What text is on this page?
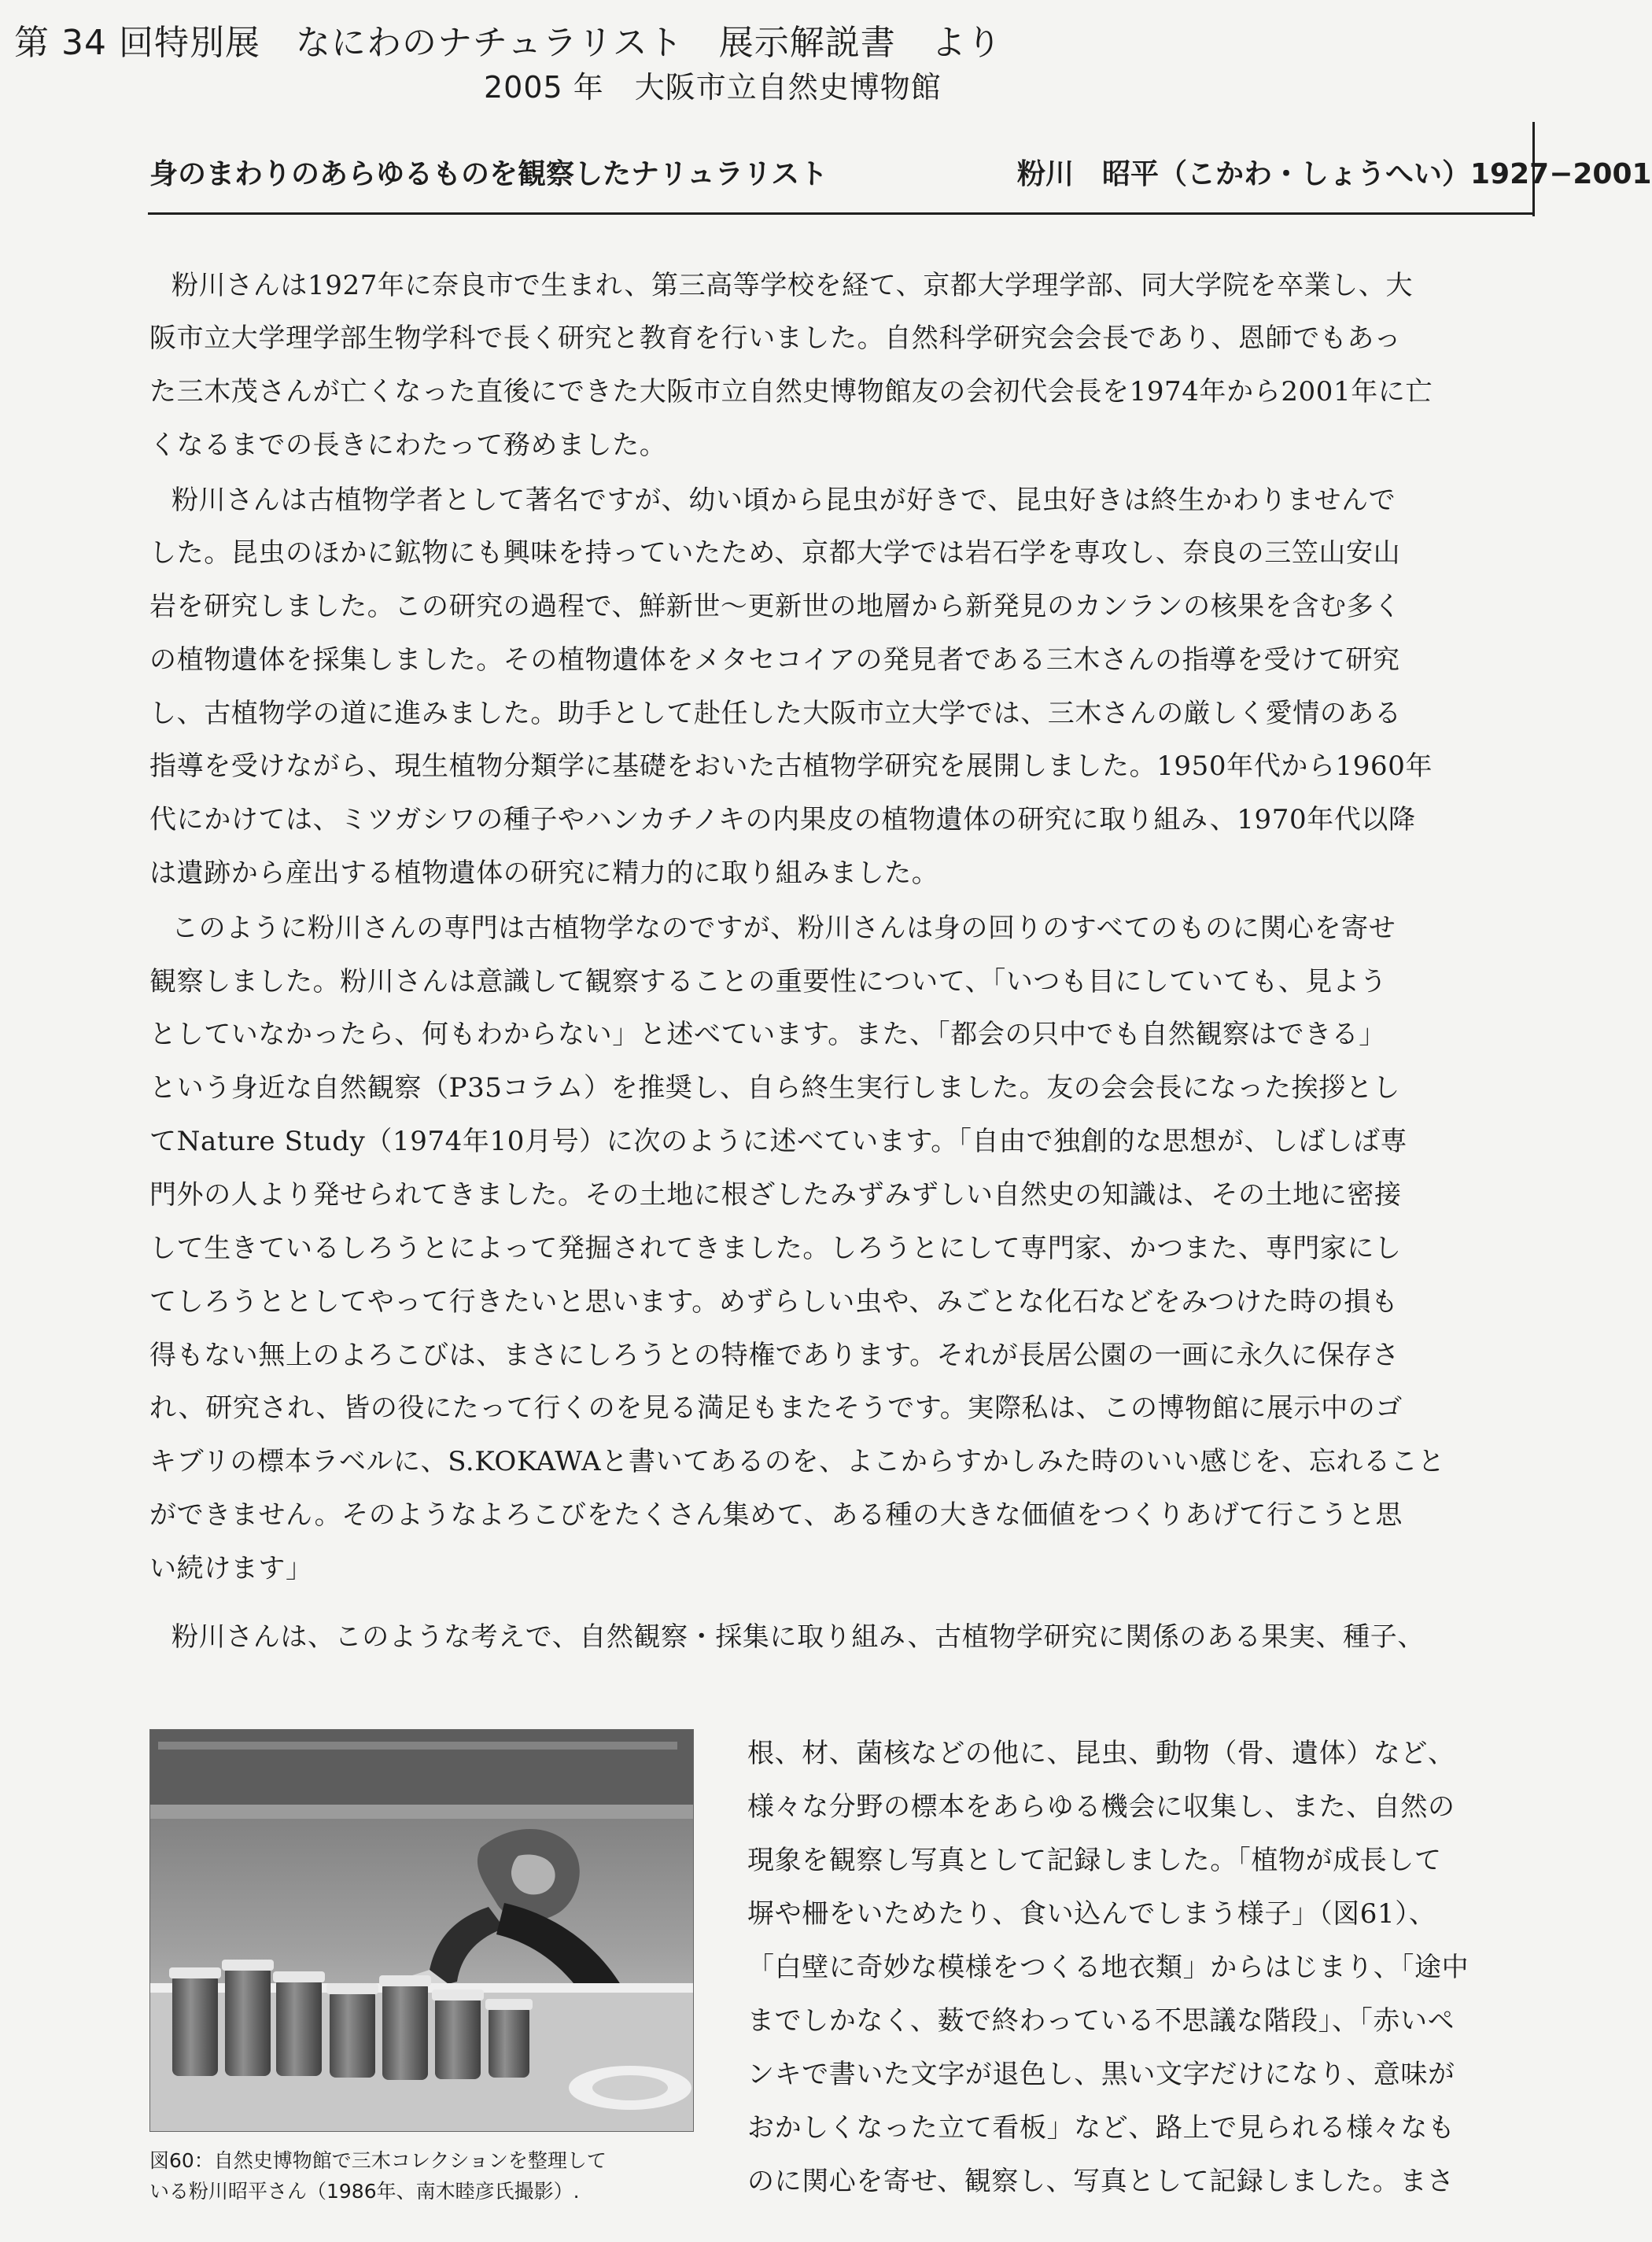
第 34 回特別展　なにわのナチュラリスト　展示解説書　より
2005 年　大阪市立自然史博物館
身のまわりのあらゆるものを観察したナリュラリスト	粉川　昭平（こかわ・しょうへい）1927−2001
粉川さんは1927年に奈良市で生まれ、第三高等学校を経て、京都大学理学部、同大学院を卒業し、大
阪市立大学理学部生物学科で長く研究と教育を行いました。自然科学研究会会長であり、恩師でもあっ
た三木茂さんが亡くなった直後にできた大阪市立自然史博物館友の会初代会長を1974年から2001年に亡
くなるまでの長きにわたって務めました。
粉川さんは古植物学者として著名ですが、幼い頃から昆虫が好きで、昆虫好きは終生かわりませんで
した。昆虫のほかに鉱物にも興味を持っていたため、京都大学では岩石学を専攻し、奈良の三笠山安山
岩を研究しました。この研究の過程で、鮮新世〜更新世の地層から新発見のカンランの核果を含む多く
の植物遺体を採集しました。その植物遺体をメタセコイアの発見者である三木さんの指導を受けて研究
し、古植物学の道に進みました。助手として赴任した大阪市立大学では、三木さんの厳しく愛情のある
指導を受けながら、現生植物分類学に基礎をおいた古植物学研究を展開しました。1950年代から1960年
代にかけては、ミツガシワの種子やハンカチノキの内果皮の植物遺体の研究に取り組み、1970年代以降
は遺跡から産出する植物遺体の研究に精力的に取り組みました。
このように粉川さんの専門は古植物学なのですが、粉川さんは身の回りのすべてのものに関心を寄せ
観察しました。粉川さんは意識して観察することの重要性について、「いつも目にしていても、見よう
としていなかったら、何もわからない」と述べています。また、「都会の只中でも自然観察はできる」
という身近な自然観察（P35コラム）を推奨し、自ら終生実行しました。友の会会長になった挨拶とし
てNature Study（1974年10月号）に次のように述べています。「自由で独創的な思想が、しばしば専
門外の人より発せられてきました。その土地に根ざしたみずみずしい自然史の知識は、その土地に密接
して生きているしろうとによって発掘されてきました。しろうとにして専門家、かつまた、専門家にし
てしろうととしてやって行きたいと思います。めずらしい虫や、みごとな化石などをみつけた時の損も
得もない無上のよろこびは、まさにしろうとの特権であります。それが長居公園の一画に永久に保存さ
れ、研究され、皆の役にたって行くのを見る満足もまたそうです。実際私は、この博物館に展示中のゴ
キブリの標本ラベルに、S.KOKAWAと書いてあるのを、よこからすかしみた時のいい感じを、忘れること
ができません。そのようなよろこびをたくさん集めて、ある種の大きな価値をつくりあげて行こうと思
い続けます」
粉川さんは、このような考えで、自然観察・採集に取り組み、古植物学研究に関係のある果実、種子、
根、材、菌核などの他に、昆虫、動物（骨、遺体）など、
様々な分野の標本をあらゆる機会に収集し、また、自然の
現象を観察し写真として記録しました。「植物が成長して
塀や柵をいためたり、食い込んでしまう様子」（図61）、
「白壁に奇妙な模様をつくる地衣類」からはじまり、「途中
までしかなく、薮で終わっている不思議な階段」、「赤いペ
ンキで書いた文字が退色し、黒い文字だけになり、意味が
おかしくなった立て看板」など、路上で見られる様々なも
のに関心を寄せ、観察し、写真として記録しました。まさ
図60：自然史博物館で三木コレクションを整理して
いる粉川昭平さん（1986年、南木睦彦氏撮影）.
